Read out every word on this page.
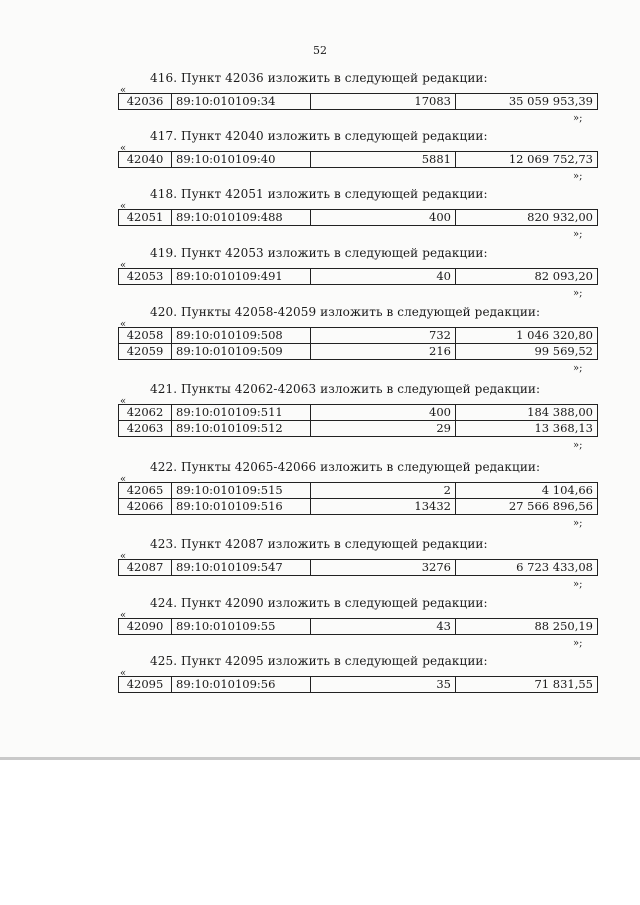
52
416. Пункт 42036 изложить в следующей редакции:
«
42036	89:10:010109:34	17083	35 059 953,39
»;
417. Пункт 42040 изложить в следующей редакции:
«
42040	89:10:010109:40	5881	12 069 752,73
»;
418. Пункт 42051 изложить в следующей редакции:
«
42051	89:10:010109:488	400	820 932,00
»;
419. Пункт 42053 изложить в следующей редакции:
«
42053	89:10:010109:491	40	82 093,20
»;
420. Пункты 42058-42059 изложить в следующей редакции:
«
42058	89:10:010109:508	732	1 046 320,80
42059	89:10:010109:509	216	99 569,52
»;
421. Пункты 42062-42063 изложить в следующей редакции:
«
42062	89:10:010109:511	400	184 388,00
42063	89:10:010109:512	29	13 368,13
»;
422. Пункты 42065-42066 изложить в следующей редакции:
«
42065	89:10:010109:515	2	4 104,66
42066	89:10:010109:516	13432	27 566 896,56
»;
423. Пункт 42087 изложить в следующей редакции:
«
42087	89:10:010109:547	3276	6 723 433,08
»;
424. Пункт 42090 изложить в следующей редакции:
«
42090	89:10:010109:55	43	88 250,19
»;
425. Пункт 42095 изложить в следующей редакции:
«
42095	89:10:010109:56	35	71 831,55
